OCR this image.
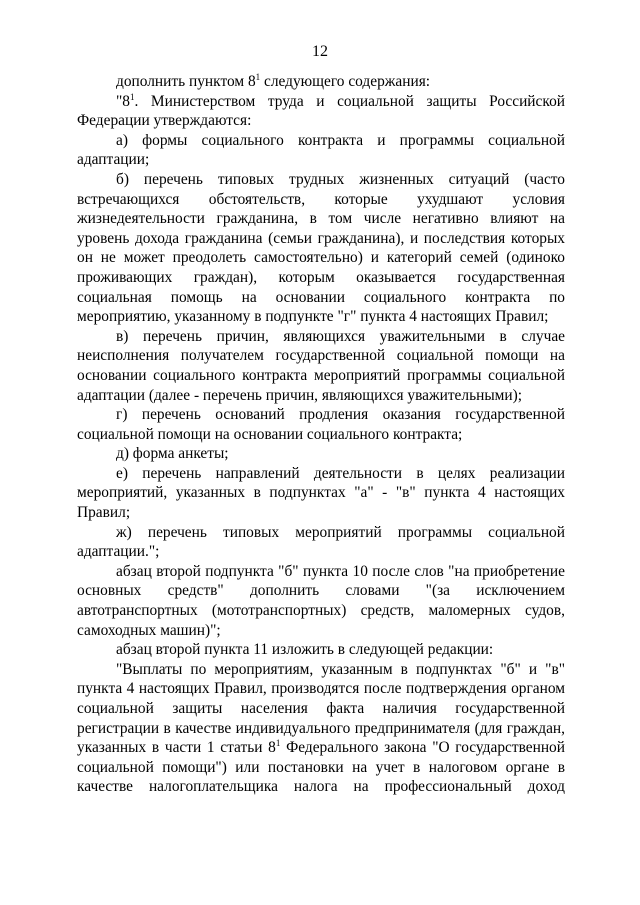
12

дополнить пунктом $8^1$ следующего содержания:

"$8^1$. Министерством труда и социальной защиты Российской Федерации утверждаются:

а) формы социального контракта и программы социальной адаптации;

б) перечень типовых трудных жизненных ситуаций (часто встречающихся обстоятельств, которые ухудшают условия жизнедеятельности гражданина, в том числе негативно влияют на уровень дохода гражданина (семьи гражданина), и последствия которых он не может преодолеть самостоятельно) и категорий семей (одиноко проживающих граждан), которым оказывается государственная социальная помощь на основании социального контракта по мероприятию, указанному в подпункте "г" пункта 4 настоящих Правил;

в) перечень причин, являющихся уважительными в случае неисполнения получателем государственной социальной помощи на основании социального контракта мероприятий программы социальной адаптации (далее - перечень причин, являющихся уважительными);

г) перечень оснований продления оказания государственной социальной помощи на основании социального контракта;

д) форма анкеты;

е) перечень направлений деятельности в целях реализации мероприятий, указанных в подпунктах "а" - "в" пункта 4 настоящих Правил;

ж) перечень типовых мероприятий программы социальной адаптации.";

абзац второй подпункта "б" пункта 10 после слов "на приобретение основных средств" дополнить словами "(за исключением автотранспортных (мототранспортных) средств, маломерных судов, самоходных машин)";

абзац второй пункта 11 изложить в следующей редакции:

"Выплаты по мероприятиям, указанным в подпунктах "б" и "в" пункта 4 настоящих Правил, производятся после подтверждения органом социальной защиты населения факта наличия государственной регистрации в качестве индивидуального предпринимателя (для граждан, указанных в части 1 статьи $8^1$ Федерального закона "О государственной социальной помощи") или постановки на учет в налоговом органе в качестве налогоплательщика налога на профессиональный доход
